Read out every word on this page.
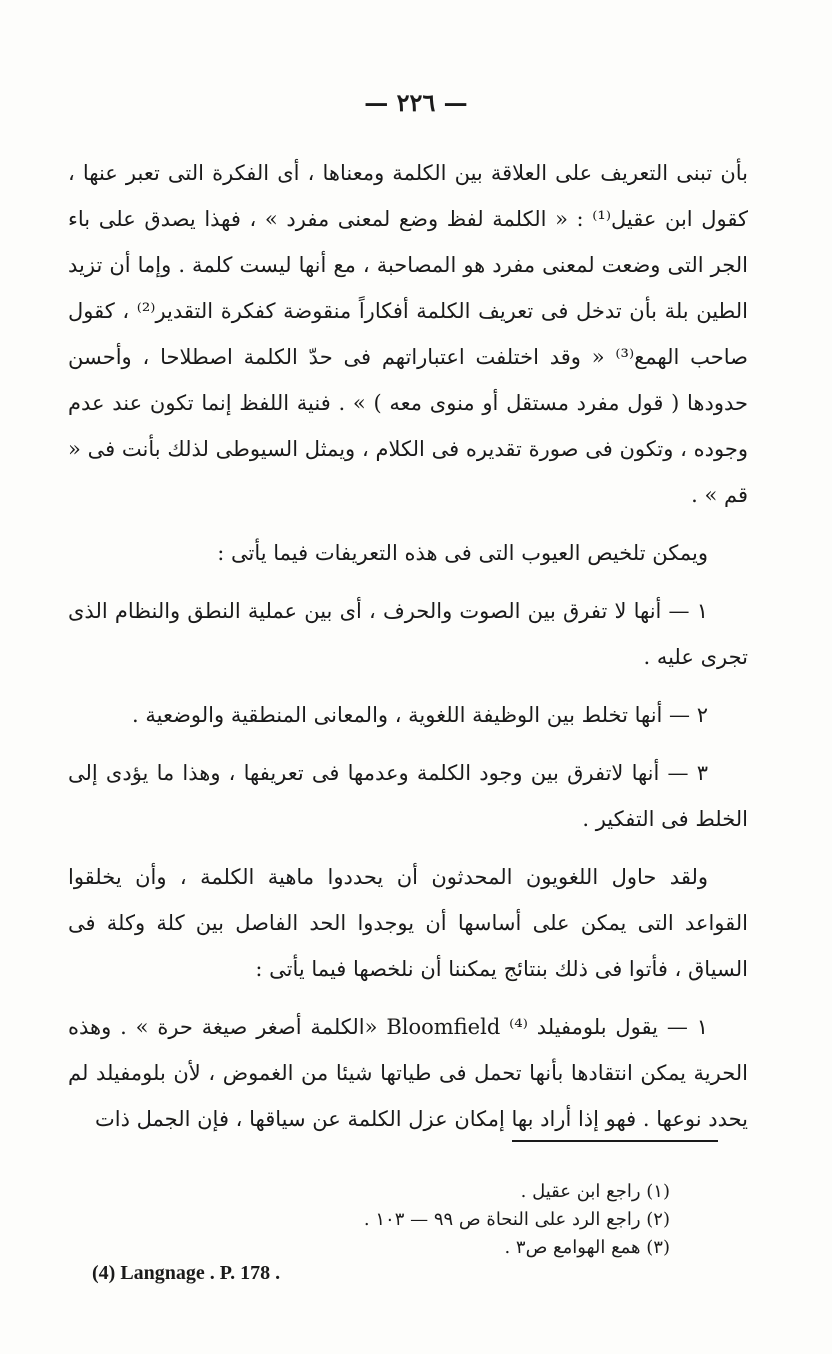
— ٢٢٦ —

بأن تبنى التعريف على العلاقة بين الكلمة ومعناها ، أى الفكرة التى تعبر عنها ، كقول ابن عقيل⁽¹⁾ : « الكلمة لفظ وضع لمعنى مفرد » ، فهذا يصدق على باء الجر التى وضعت لمعنى مفرد هو المصاحبة ، مع أنها ليست كلمة . وإما أن تزيد الطين بلة بأن تدخل فى تعريف الكلمة أفكاراً منقوضة كفكرة التقدير⁽²⁾ ، كقول صاحب الهمع⁽³⁾ « وقد اختلفت اعتباراتهم فى حدّ الكلمة اصطلاحا ، وأحسن حدودها ( قول مفرد مستقل أو منوى معه ) » . فنية اللفظ إنما تكون عند عدم وجوده ، وتكون فى صورة تقديره فى الكلام ، ويمثل السيوطى لذلك بأنت فى « قم » .

ويمكن تلخيص العيوب التى فى هذه التعريفات فيما يأتى :

١ — أنها لا تفرق بين الصوت والحرف ، أى بين عملية النطق والنظام الذى تجرى عليه .

٢ — أنها تخلط بين الوظيفة اللغوية ، والمعانى المنطقية والوضعية .

٣ — أنها لاتفرق بين وجود الكلمة وعدمها فى تعريفها ، وهذا ما يؤدى إلى الخلط فى التفكير .

ولقد حاول اللغويون المحدثون أن يحددوا ماهية الكلمة ، وأن يخلقوا القواعد التى يمكن على أساسها أن يوجدوا الحد الفاصل بين كلة وكلة فى السياق ، فأتوا فى ذلك بنتائج يمكننا أن نلخصها فيما يأتى :

١ — يقول بلومفيلد Bloomfield ⁽⁴⁾ «الكلمة أصغر صيغة حرة » . وهذه الحرية يمكن انتقادها بأنها تحمل فى طياتها شيئا من الغموض ، لأن بلومفيلد لم يحدد نوعها . فهو إذا أراد بها إمكان عزل الكلمة عن سياقها ، فإن الجمل ذات

(١) راجع ابن عقيل .
(٢) راجع الرد على النحاة ص ٩٩ — ١٠٣ .
(٣) همع الهوامع ص٣ .
(4) Langnage . P. 178 .
